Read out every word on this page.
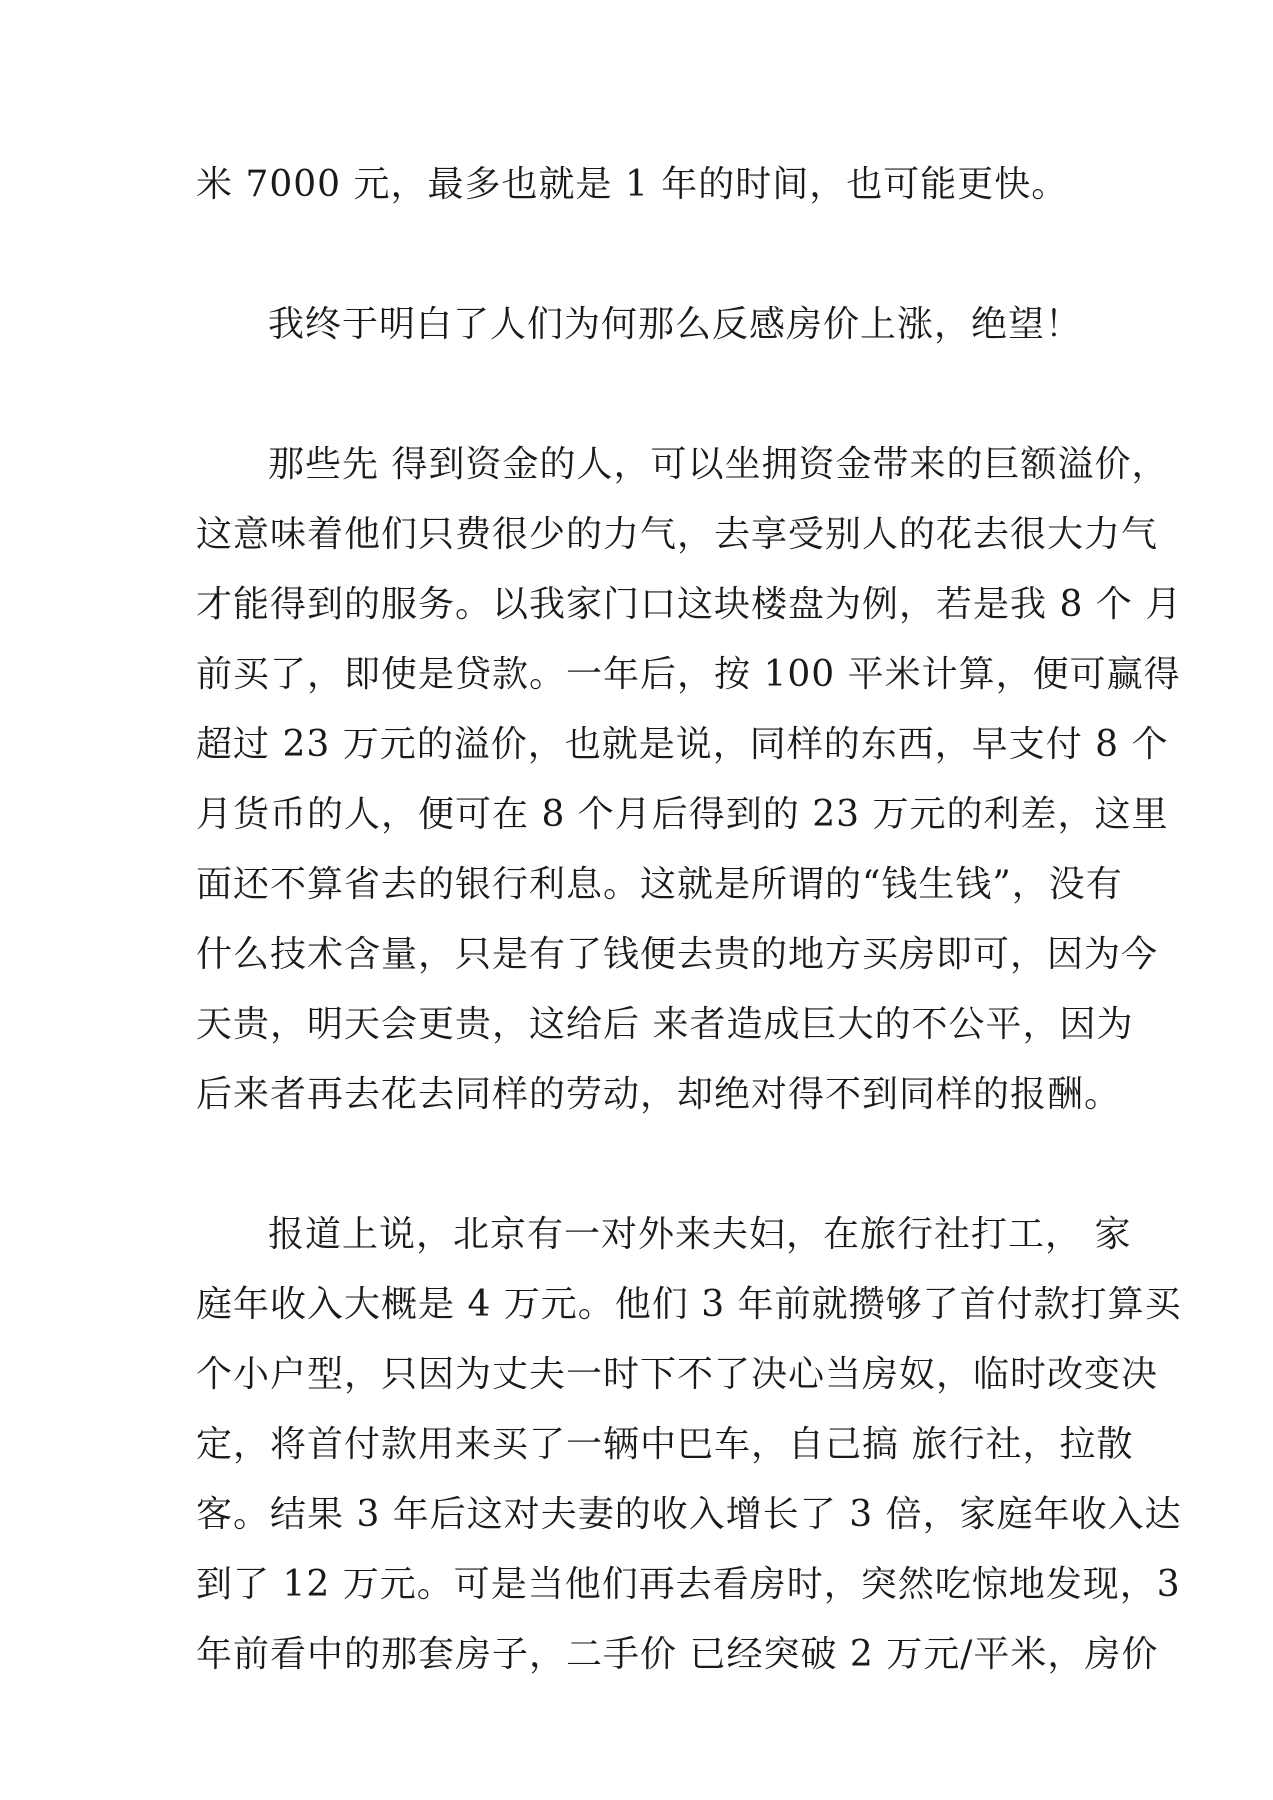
米 7000 元，最多也就是 1 年的时间，也可能更快。

我终于明白了人们为何那么反感房价上涨，绝望！

那些先 得到资金的人，可以坐拥资金带来的巨额溢价，
这意味着他们只费很少的力气，去享受别人的花去很大力气
才能得到的服务。以我家门口这块楼盘为例，若是我 8 个 月
前买了，即使是贷款。一年后，按 100 平米计算，便可赢得
超过 23 万元的溢价，也就是说，同样的东西，早支付 8 个
月货币的人，便可在 8 个月后得到的 23 万元的利差，这里
面还不算省去的银行利息。这就是所谓的“钱生钱”，没有
什么技术含量，只是有了钱便去贵的地方买房即可，因为今
天贵，明天会更贵，这给后 来者造成巨大的不公平，因为
后来者再去花去同样的劳动，却绝对得不到同样的报酬。

报道上说，北京有一对外来夫妇，在旅行社打工， 家
庭年收入大概是 4 万元。他们 3 年前就攒够了首付款打算买
个小户型，只因为丈夫一时下不了决心当房奴，临时改变决
定，将首付款用来买了一辆中巴车，自己搞 旅行社，拉散
客。结果 3 年后这对夫妻的收入增长了 3 倍，家庭年收入达
到了 12 万元。可是当他们再去看房时，突然吃惊地发现，3
年前看中的那套房子，二手价 已经突破 2 万元/平米，房价
